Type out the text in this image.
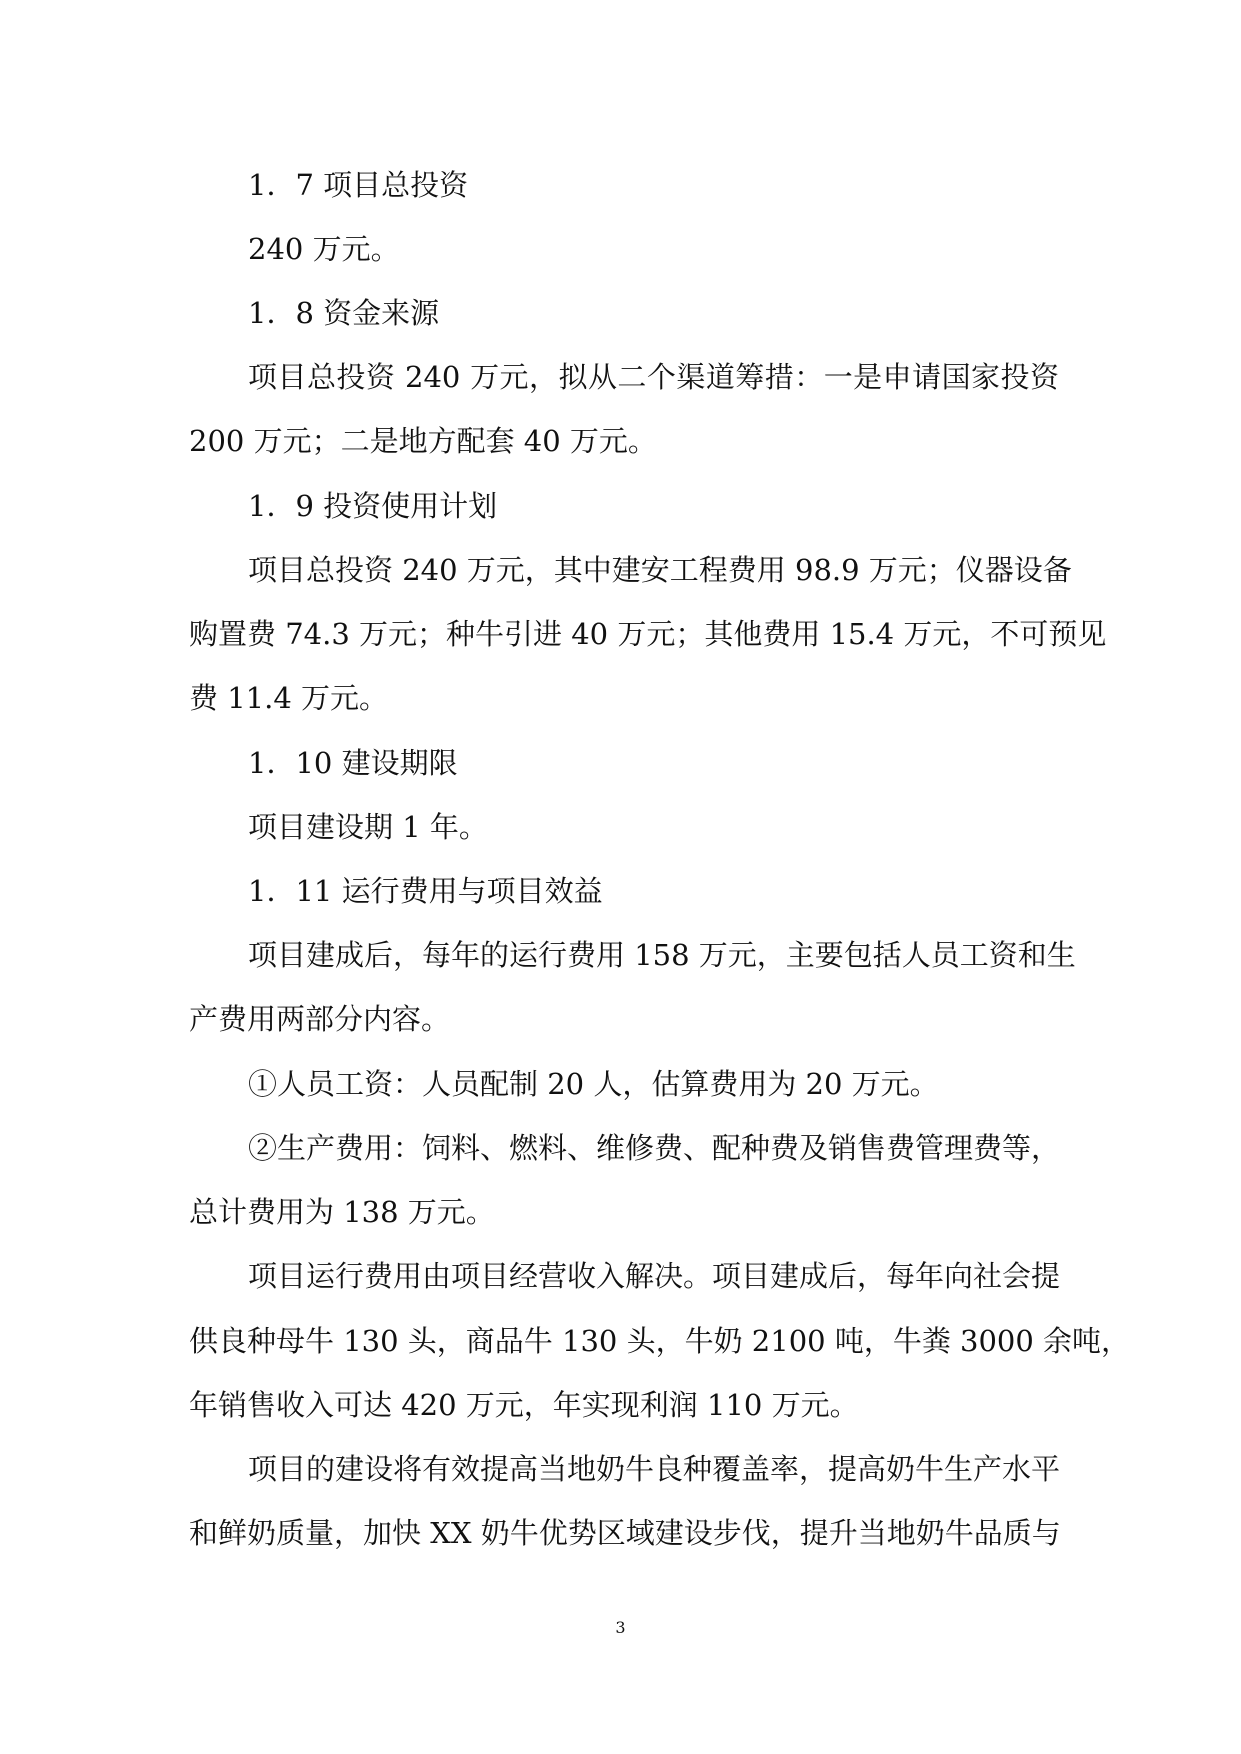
1．7 项目总投资
240 万元。
1．8 资金来源
项目总投资 240 万元，拟从二个渠道筹措：一是申请国家投资
200 万元；二是地方配套 40 万元。
1．9 投资使用计划
项目总投资 240 万元，其中建安工程费用 98.9 万元；仪器设备
购置费 74.3 万元；种牛引进 40 万元；其他费用 15.4 万元，不可预见
费 11.4 万元。
1．10 建设期限
项目建设期 1 年。
1．11 运行费用与项目效益
项目建成后，每年的运行费用 158 万元，主要包括人员工资和生
产费用两部分内容。
①人员工资：人员配制 20 人，估算费用为 20 万元。
②生产费用：饲料、燃料、维修费、配种费及销售费管理费等，
总计费用为 138 万元。
项目运行费用由项目经营收入解决。项目建成后，每年向社会提
供良种母牛 130 头，商品牛 130 头，牛奶 2100 吨，牛粪 3000 余吨，
年销售收入可达 420 万元，年实现利润 110 万元。
项目的建设将有效提高当地奶牛良种覆盖率，提高奶牛生产水平
和鲜奶质量，加快 XX 奶牛优势区域建设步伐，提升当地奶牛品质与
3
